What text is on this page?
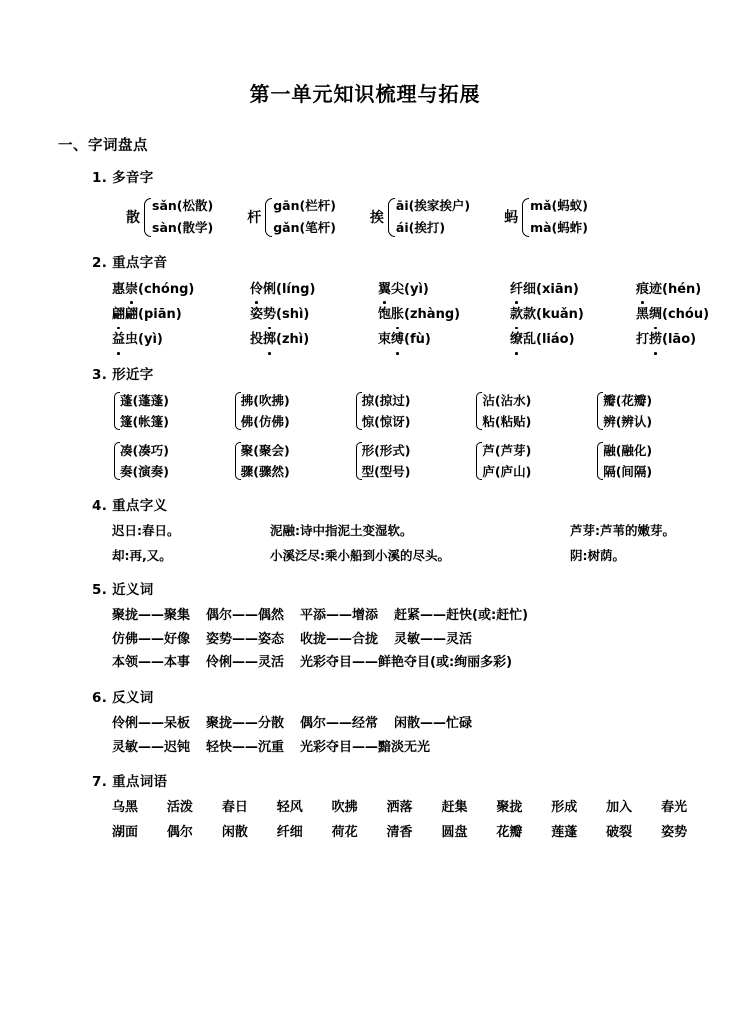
第一单元知识梳理与拓展
一、字词盘点
1. 多音字
散
sǎn(松散)
sàn(散学)
杆
gān(栏杆)
gǎn(笔杆)
挨
āi(挨家挨户)
ái(挨打)
蚂
mǎ(蚂蚁)
mà(蚂蚱)
2. 重点字音
惠崇(chóng)	伶俐(líng)	翼尖(yì)	纤细(xiān)	痕迹(hén)
翩翩(piān)	姿势(shì)	饱胀(zhàng)	款款(kuǎn)	黑绸(chóu)
益虫(yì)	投掷(zhì)	束缚(fù)	缭乱(liáo)	打捞(lāo)
3. 形近字
蓬(蓬蓬)
篷(帐篷)
拂(吹拂)
佛(仿佛)
掠(掠过)
惊(惊讶)
沾(沾水)
粘(粘贴)
瓣(花瓣)
辨(辨认)
凑(凑巧)
奏(演奏)
聚(聚会)
骤(骤然)
形(形式)
型(型号)
芦(芦芽)
庐(庐山)
融(融化)
隔(间隔)
4. 重点字义
迟日:春日。	泥融:诗中指泥土变湿软。	芦芽:芦苇的嫩芽。
却:再,又。	小溪泛尽:乘小船到小溪的尽头。	阴:树荫。
5. 近义词
聚拢——聚集 偶尔——偶然 平添——增添 赶紧——赶快(或:赶忙)
仿佛——好像 姿势——姿态 收拢——合拢 灵敏——灵活
本领——本事 伶俐——灵活 光彩夺目——鲜艳夺目(或:绚丽多彩)
6. 反义词
伶俐——呆板 聚拢——分散 偶尔——经常 闲散——忙碌
灵敏——迟钝 轻快——沉重 光彩夺目——黯淡无光
7. 重点词语
乌黑	活泼	春日	轻风	吹拂	洒落	赶集	聚拢	形成	加入	春光
湖面	偶尔	闲散	纤细	荷花	清香	圆盘	花瓣	莲蓬	破裂	姿势
